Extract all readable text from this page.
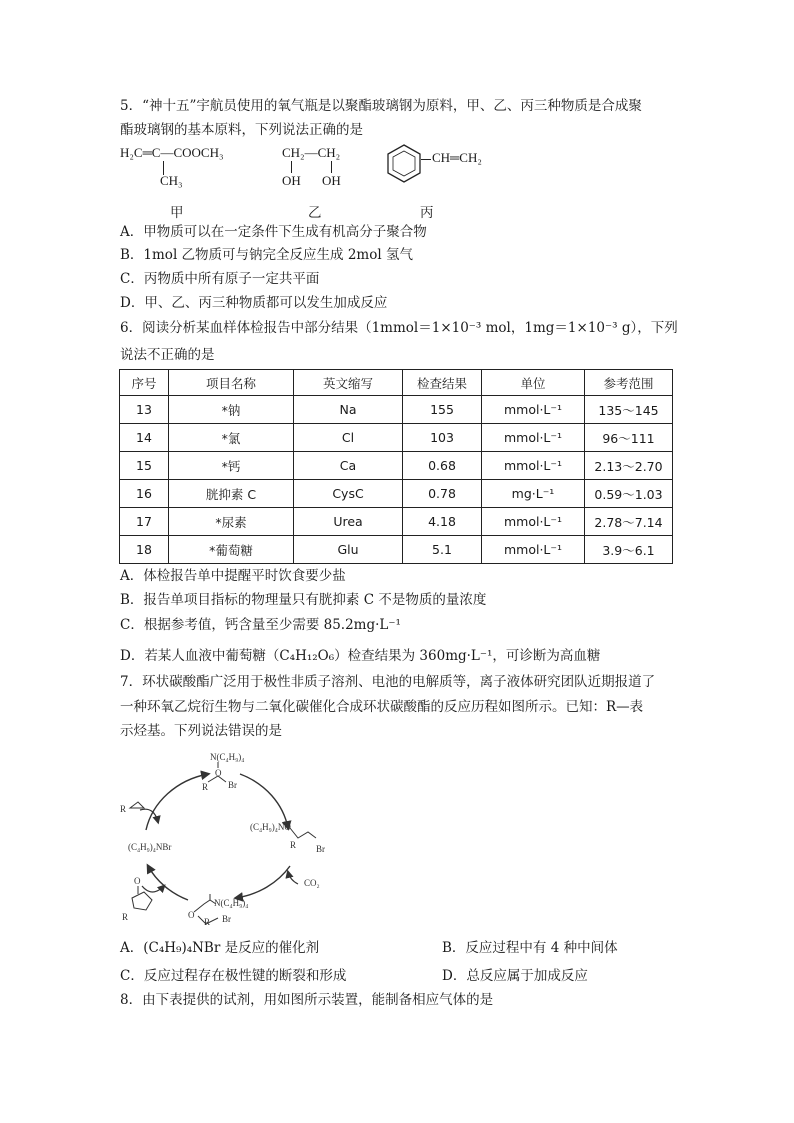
5．“神十五”宇航员使用的氧气瓶是以聚酯玻璃钢为原料，甲、乙、丙三种物质是合成聚
酯玻璃钢的基本原料，下列说法正确的是
H₂C═C—COOCH₃
CH₃
甲
CH₂—CH₂
OH OH
乙
CH═CH₂
丙
A．甲物质可以在一定条件下生成有机高分子聚合物
B．1mol 乙物质可与钠完全反应生成 2mol 氢气
C．丙物质中所有原子一定共平面
D．甲、乙、丙三种物质都可以发生加成反应
6．阅读分析某血样体检报告中部分结果（1mmol＝1×10⁻³ mol，1mg＝1×10⁻³ g），下列
说法不正确的是
序号	项目名称	英文缩写	检查结果	单位	参考范围
13	*钠	Na	155	mmol·L⁻¹	135～145
14	*氯	Cl	103	mmol·L⁻¹	96～111
15	*钙	Ca	0.68	mmol·L⁻¹	2.13～2.70
16	胱抑素 C	CysC	0.78	mg·L⁻¹	0.59～1.03
17	*尿素	Urea	4.18	mmol·L⁻¹	2.78～7.14
18	*葡萄糖	Glu	5.1	mmol·L⁻¹	3.9～6.1
A．体检报告单中提醒平时饮食要少盐
B．报告单项目指标的物理量只有胱抑素 C 不是物质的量浓度
C．根据参考值，钙含量至少需要 85.2mg·L⁻¹
D．若某人血液中葡萄糖（C₄H₁₂O₆）检查结果为 360mg·L⁻¹，可诊断为高血糖
7．环状碳酸酯广泛用于极性非质子溶剂、电池的电解质等，离子液体研究团队近期报道了
一种环氧乙烷衍生物与二氧化碳催化合成环状碳酸酯的反应历程如图所示。已知：R—表
示烃基。下列说法错误的是
N(C₄H₉)₄
O
R Br
R
(C₄H₉)₄NO
R Br
CO₂
(C₄H₉)₄NBr
N(C₄H₉)₄
O
R Br
O
R
A．(C₄H₉)₄NBr 是反应的催化剂	B．反应过程中有 4 种中间体
C．反应过程存在极性键的断裂和形成	D．总反应属于加成反应
8．由下表提供的试剂，用如图所示装置，能制备相应气体的是
